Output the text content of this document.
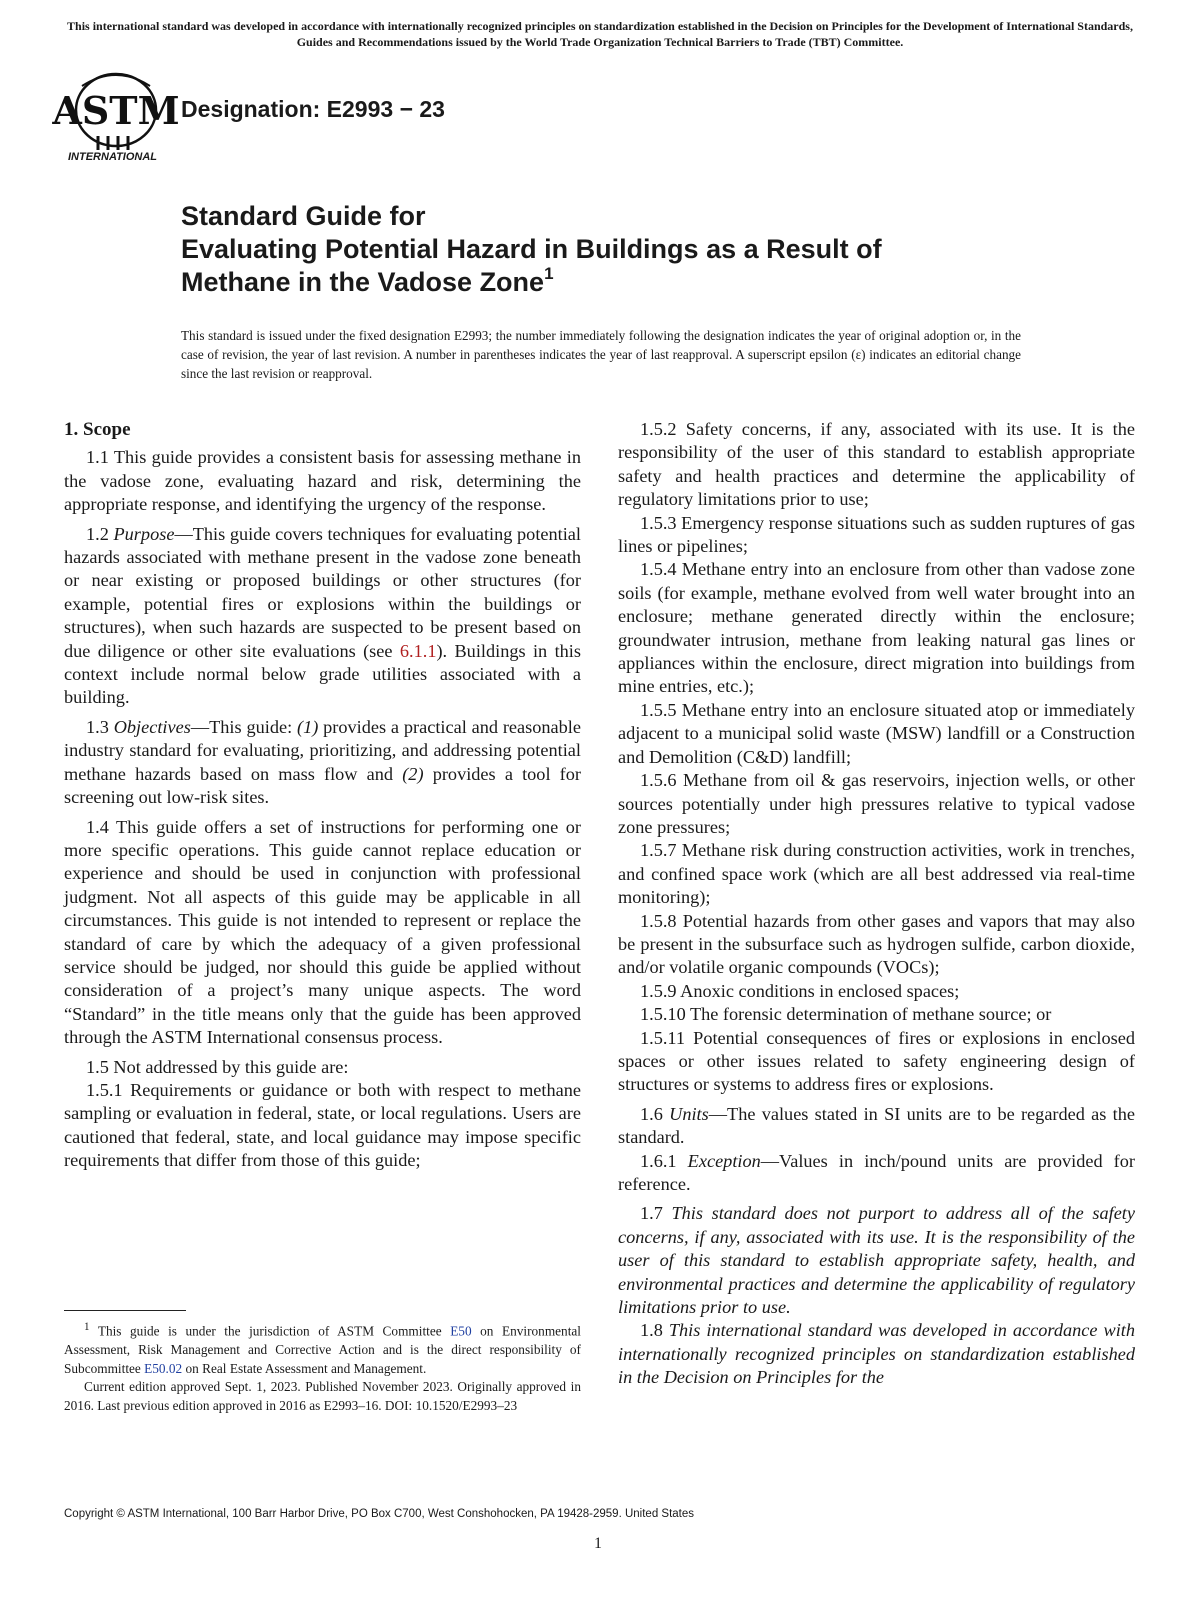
This international standard was developed in accordance with internationally recognized principles on standardization established in the Decision on Principles for the Development of International Standards, Guides and Recommendations issued by the World Trade Organization Technical Barriers to Trade (TBT) Committee.
ASTM
INTERNATIONAL
Designation: E2993 − 23
Standard Guide for
Evaluating Potential Hazard in Buildings as a Result of
Methane in the Vadose Zone$^1$
This standard is issued under the fixed designation E2993; the number immediately following the designation indicates the year of original adoption or, in the case of revision, the year of last revision. A number in parentheses indicates the year of last reapproval. A superscript epsilon (ε) indicates an editorial change since the last revision or reapproval.
1. Scope

1.1 This guide provides a consistent basis for assessing methane in the vadose zone, evaluating hazard and risk, determining the appropriate response, and identifying the urgency of the response.

1.2 Purpose—This guide covers techniques for evaluating potential hazards associated with methane present in the vadose zone beneath or near existing or proposed buildings or other structures (for example, potential fires or explosions within the buildings or structures), when such hazards are suspected to be present based on due diligence or other site evaluations (see 6.1.1). Buildings in this context include normal below grade utilities associated with a building.

1.3 Objectives—This guide: (1) provides a practical and reasonable industry standard for evaluating, prioritizing, and addressing potential methane hazards based on mass flow and (2) provides a tool for screening out low-risk sites.

1.4 This guide offers a set of instructions for performing one or more specific operations. This guide cannot replace education or experience and should be used in conjunction with professional judgment. Not all aspects of this guide may be applicable in all circumstances. This guide is not intended to represent or replace the standard of care by which the adequacy of a given professional service should be judged, nor should this guide be applied without consideration of a project’s many unique aspects. The word “Standard” in the title means only that the guide has been approved through the ASTM International consensus process.

1.5 Not addressed by this guide are:

1.5.1 Requirements or guidance or both with respect to methane sampling or evaluation in federal, state, or local regulations. Users are cautioned that federal, state, and local guidance may impose specific requirements that differ from those of this guide;

1.5.2 Safety concerns, if any, associated with its use. It is the responsibility of the user of this standard to establish appropriate safety and health practices and determine the applicability of regulatory limitations prior to use;

1.5.3 Emergency response situations such as sudden ruptures of gas lines or pipelines;

1.5.4 Methane entry into an enclosure from other than vadose zone soils (for example, methane evolved from well water brought into an enclosure; methane generated directly within the enclosure; groundwater intrusion, methane from leaking natural gas lines or appliances within the enclosure, direct migration into buildings from mine entries, etc.);

1.5.5 Methane entry into an enclosure situated atop or immediately adjacent to a municipal solid waste (MSW) landfill or a Construction and Demolition (C&D) landfill;

1.5.6 Methane from oil & gas reservoirs, injection wells, or other sources potentially under high pressures relative to typical vadose zone pressures;

1.5.7 Methane risk during construction activities, work in trenches, and confined space work (which are all best addressed via real-time monitoring);

1.5.8 Potential hazards from other gases and vapors that may also be present in the subsurface such as hydrogen sulfide, carbon dioxide, and/or volatile organic compounds (VOCs);

1.5.9 Anoxic conditions in enclosed spaces;

1.5.10 The forensic determination of methane source; or

1.5.11 Potential consequences of fires or explosions in enclosed spaces or other issues related to safety engineering design of structures or systems to address fires or explosions.

1.6 Units—The values stated in SI units are to be regarded as the standard.

1.6.1 Exception—Values in inch/pound units are provided for reference.

1.7 This standard does not purport to address all of the safety concerns, if any, associated with its use. It is the responsibility of the user of this standard to establish appropriate safety, health, and environmental practices and determine the applicability of regulatory limitations prior to use.

1.8 This international standard was developed in accordance with internationally recognized principles on standardization established in the Decision on Principles for the

$^1$ This guide is under the jurisdiction of ASTM Committee E50 on Environmental Assessment, Risk Management and Corrective Action and is the direct responsibility of Subcommittee E50.02 on Real Estate Assessment and Management.

Current edition approved Sept. 1, 2023. Published November 2023. Originally approved in 2016. Last previous edition approved in 2016 as E2993–16. DOI: 10.1520/E2993–23

Copyright © ASTM International, 100 Barr Harbor Drive, PO Box C700, West Conshohocken, PA 19428-2959. United States
1
